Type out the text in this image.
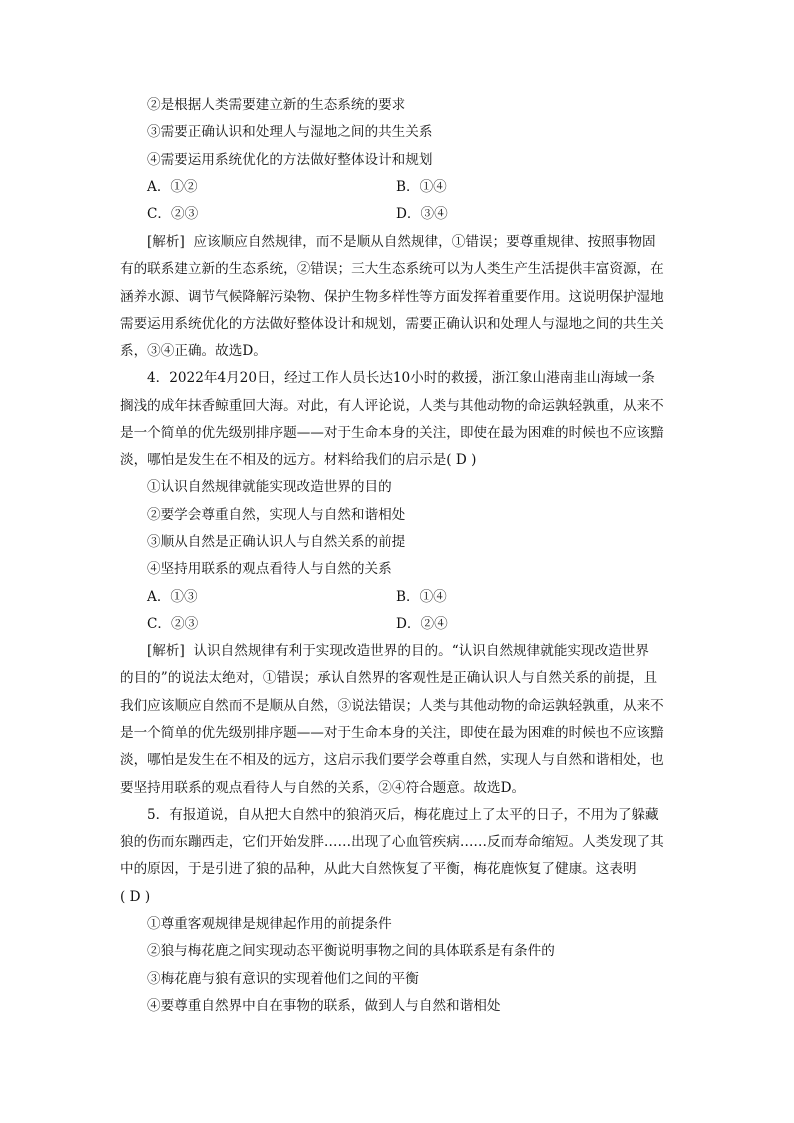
②是根据人类需要建立新的生态系统的要求
③需要正确认识和处理人与湿地之间的共生关系
④需要运用系统优化的方法做好整体设计和规划
A．①②	B．①④
C．②③	D．③④
[解析] 应该顺应自然规律，而不是顺从自然规律，①错误；要尊重规律、按照事物固
有的联系建立新的生态系统，②错误；三大生态系统可以为人类生产生活提供丰富资源，在
涵养水源、调节气候降解污染物、保护生物多样性等方面发挥着重要作用。这说明保护湿地
需要运用系统优化的方法做好整体设计和规划，需要正确认识和处理人与湿地之间的共生关
系，③④正确。故选D。
4．2022年4月20日，经过工作人员长达10小时的救援，浙江象山港南韭山海域一条
搁浅的成年抹香鲸重回大海。对此，有人评论说，人类与其他动物的命运孰轻孰重，从来不
是一个简单的优先级别排序题——对于生命本身的关注，即使在最为困难的时候也不应该黯
淡，哪怕是发生在不相及的远方。材料给我们的启示是( D )
①认识自然规律就能实现改造世界的目的
②要学会尊重自然，实现人与自然和谐相处
③顺从自然是正确认识人与自然关系的前提
④坚持用联系的观点看待人与自然的关系
A．①③	B．①④
C．②③	D．②④
[解析] 认识自然规律有利于实现改造世界的目的。“认识自然规律就能实现改造世界
的目的”的说法太绝对，①错误；承认自然界的客观性是正确认识人与自然关系的前提，且
我们应该顺应自然而不是顺从自然，③说法错误；人类与其他动物的命运孰轻孰重，从来不
是一个简单的优先级别排序题——对于生命本身的关注，即使在最为困难的时候也不应该黯
淡，哪怕是发生在不相及的远方，这启示我们要学会尊重自然，实现人与自然和谐相处，也
要坚持用联系的观点看待人与自然的关系，②④符合题意。故选D。
5．有报道说，自从把大自然中的狼消灭后，梅花鹿过上了太平的日子，不用为了躲藏
狼的伤而东蹦西走，它们开始发胖……出现了心血管疾病……反而寿命缩短。人类发现了其
中的原因，于是引进了狼的品种，从此大自然恢复了平衡，梅花鹿恢复了健康。这表明
( D )
①尊重客观规律是规律起作用的前提条件
②狼与梅花鹿之间实现动态平衡说明事物之间的具体联系是有条件的
③梅花鹿与狼有意识的实现着他们之间的平衡
④要尊重自然界中自在事物的联系，做到人与自然和谐相处
